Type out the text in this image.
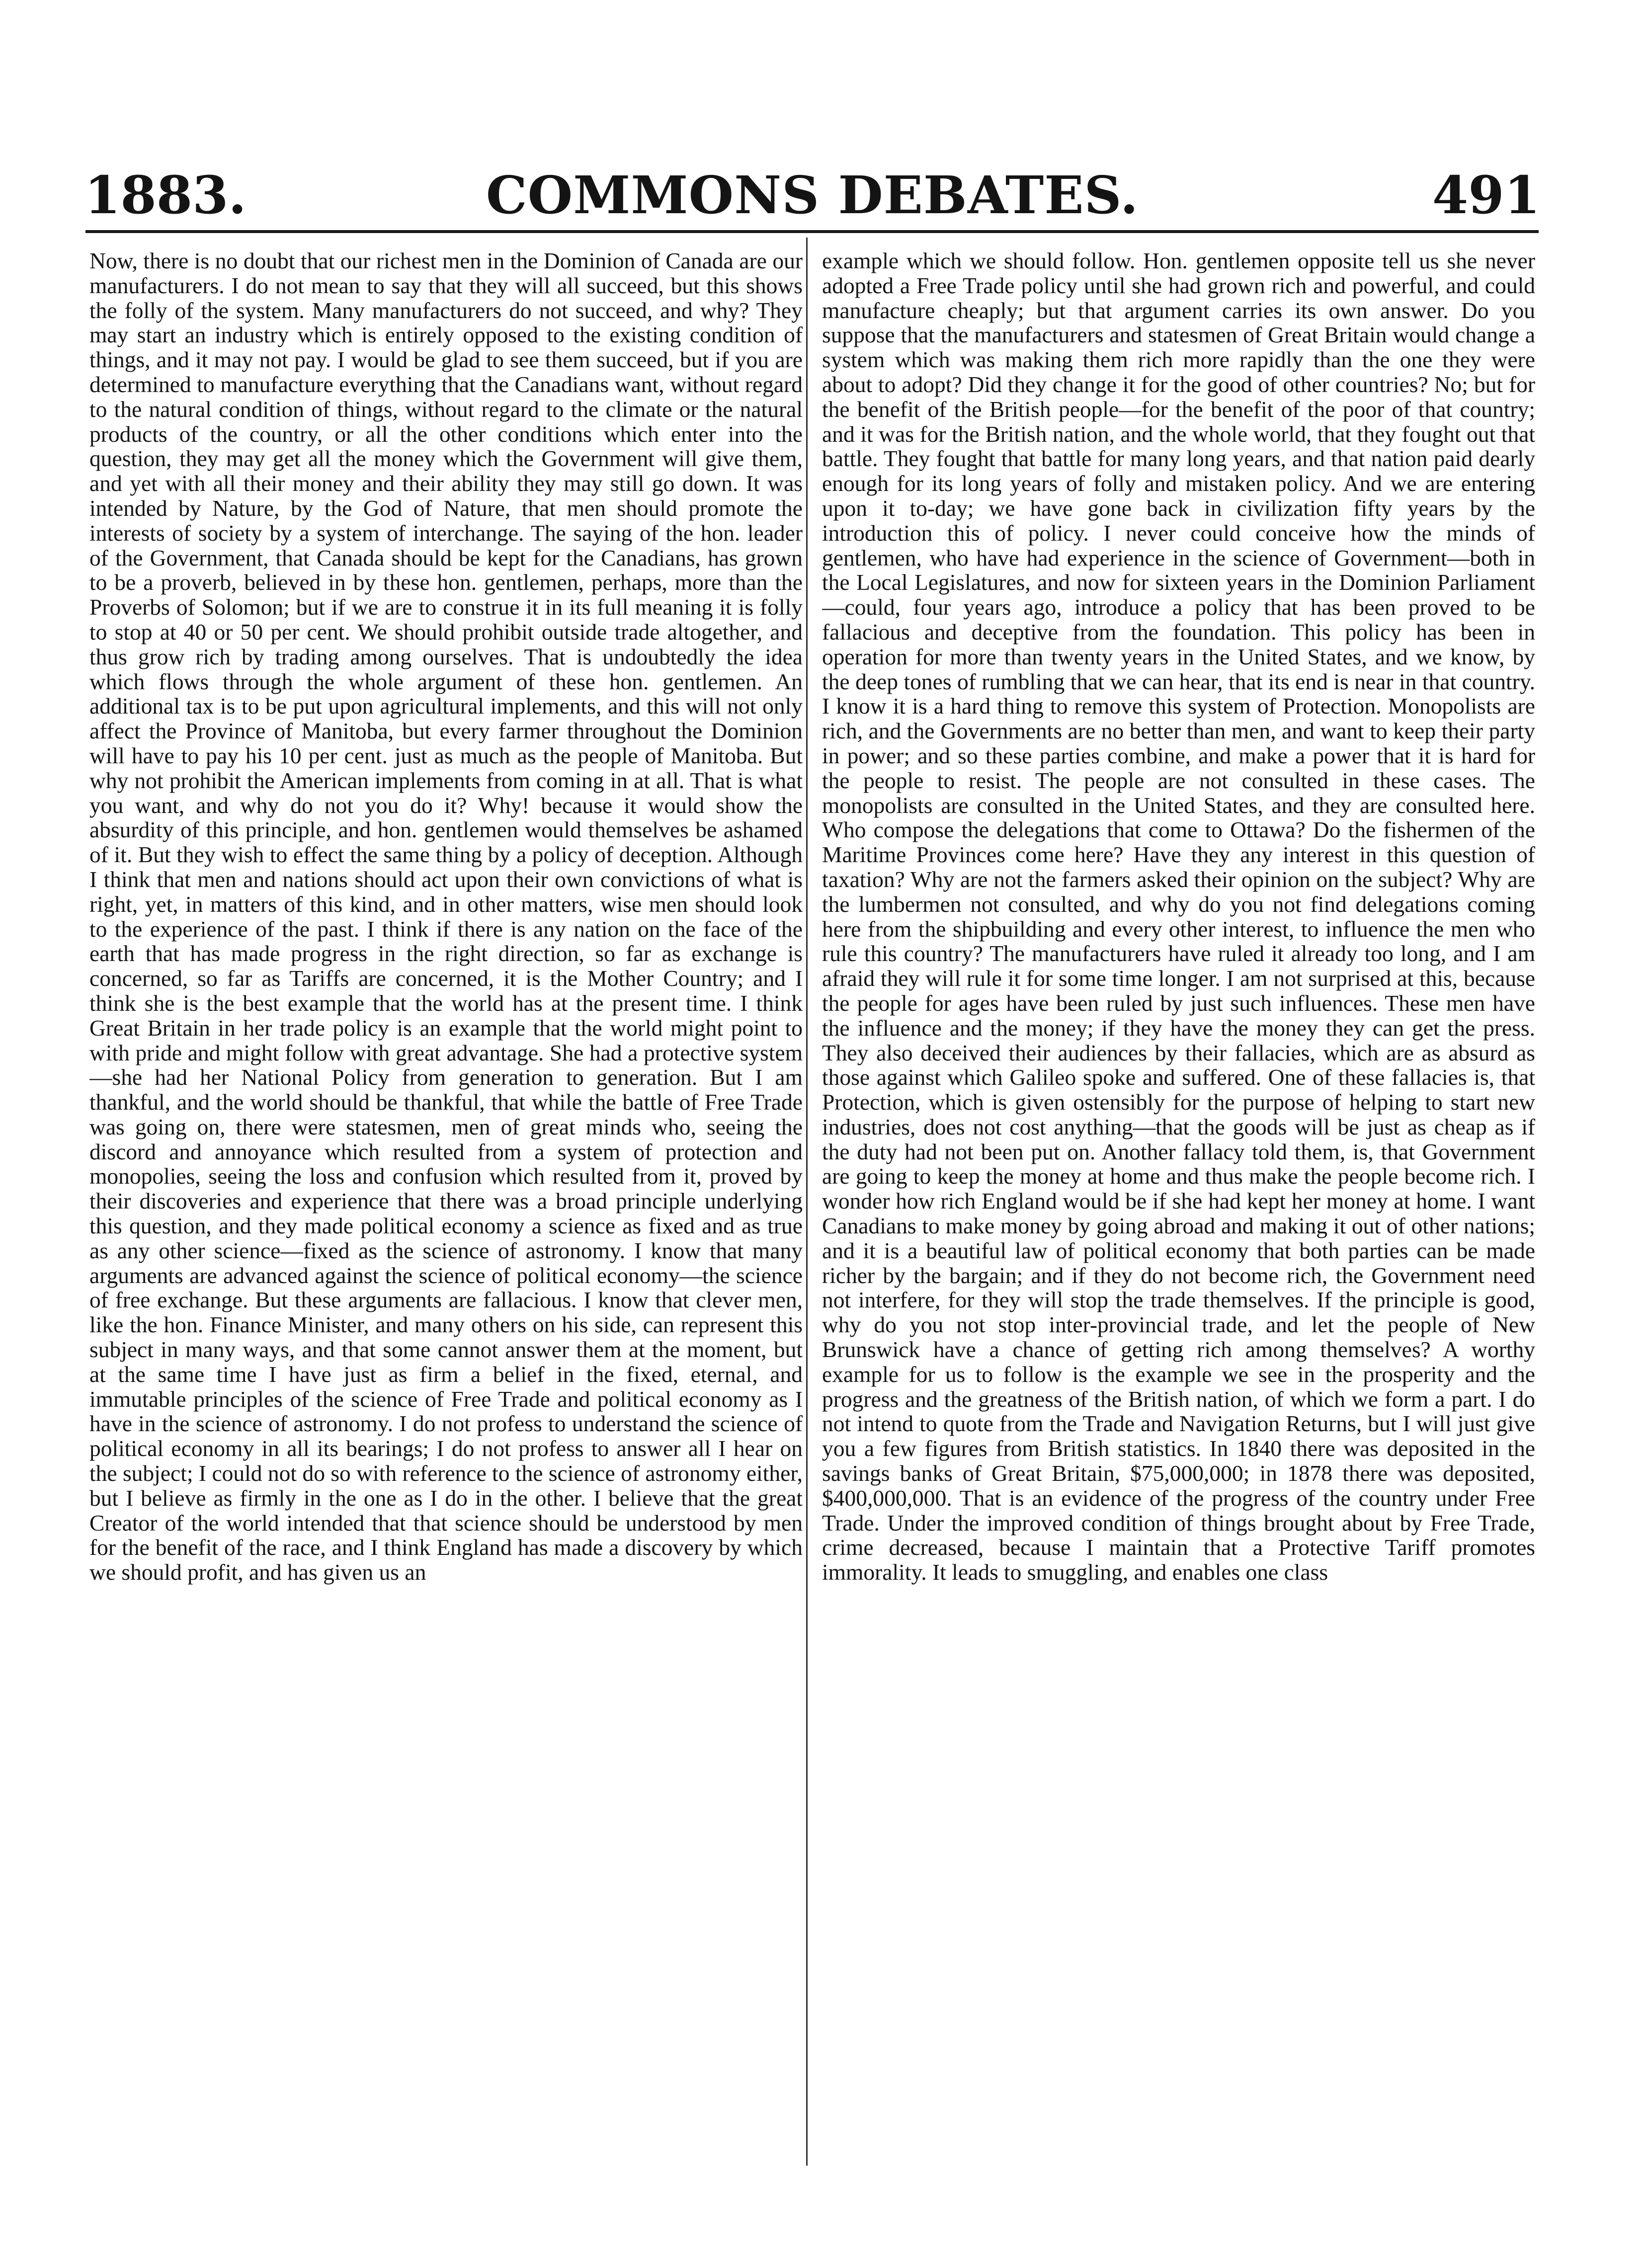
1883.	COMMONS DEBATES.	491

Now, there is no doubt that our richest men in the Dominion of Canada are our manufacturers. I do not mean to say that they will all succeed, but this shows the folly of the system. Many manufacturers do not succeed, and why? They may start an industry which is entirely opposed to the existing condition of things, and it may not pay. I would be glad to see them succeed, but if you are determined to manufacture everything that the Canadians want, without regard to the natural condition of things, without regard to the climate or the natural products of the country, or all the other conditions which enter into the question, they may get all the money which the Government will give them, and yet with all their money and their ability they may still go down. It was intended by Nature, by the God of Nature, that men should promote the interests of society by a system of interchange. The saying of the hon. leader of the Government, that Canada should be kept for the Canadians, has grown to be a proverb, believed in by these hon. gentlemen, perhaps, more than the Proverbs of Solomon; but if we are to construe it in its full meaning it is folly to stop at 40 or 50 per cent. We should prohibit outside trade altogether, and thus grow rich by trading among ourselves. That is undoubtedly the idea which flows through the whole argument of these hon. gentlemen. An additional tax is to be put upon agricultural implements, and this will not only affect the Province of Manitoba, but every farmer throughout the Dominion will have to pay his 10 per cent. just as much as the people of Manitoba. But why not prohibit the American implements from coming in at all. That is what you want, and why do not you do it? Why! because it would show the absurdity of this principle, and hon. gentlemen would themselves be ashamed of it. But they wish to effect the same thing by a policy of deception. Although I think that men and nations should act upon their own convictions of what is right, yet, in matters of this kind, and in other matters, wise men should look to the experience of the past. I think if there is any nation on the face of the earth that has made progress in the right direction, so far as exchange is concerned, so far as Tariffs are concerned, it is the Mother Country; and I think she is the best example that the world has at the present time. I think Great Britain in her trade policy is an example that the world might point to with pride and might follow with great advantage. She had a protective system—she had her National Policy from generation to generation. But I am thankful, and the world should be thankful, that while the battle of Free Trade was going on, there were statesmen, men of great minds who, seeing the discord and annoyance which resulted from a system of protection and monopolies, seeing the loss and confusion which resulted from it, proved by their discoveries and experience that there was a broad principle underlying this question, and they made political economy a science as fixed and as true as any other science—fixed as the science of astronomy. I know that many arguments are advanced against the science of political economy—the science of free exchange. But these arguments are fallacious. I know that clever men, like the hon. Finance Minister, and many others on his side, can represent this subject in many ways, and that some cannot answer them at the moment, but at the same time I have just as firm a belief in the fixed, eternal, and immutable principles of the science of Free Trade and political economy as I have in the science of astronomy. I do not profess to understand the science of political economy in all its bearings; I do not profess to answer all I hear on the subject; I could not do so with reference to the science of astronomy either, but I believe as firmly in the one as I do in the other. I believe that the great Creator of the world intended that that science should be understood by men for the benefit of the race, and I think England has made a discovery by which we should profit, and has given us an

example which we should follow. Hon. gentlemen opposite tell us she never adopted a Free Trade policy until she had grown rich and powerful, and could manufacture cheaply; but that argument carries its own answer. Do you suppose that the manufacturers and statesmen of Great Britain would change a system which was making them rich more rapidly than the one they were about to adopt? Did they change it for the good of other countries? No; but for the benefit of the British people—for the benefit of the poor of that country; and it was for the British nation, and the whole world, that they fought out that battle. They fought that battle for many long years, and that nation paid dearly enough for its long years of folly and mistaken policy. And we are entering upon it to-day; we have gone back in civilization fifty years by the introduction this of policy. I never could conceive how the minds of gentlemen, who have had experience in the science of Government—both in the Local Legislatures, and now for sixteen years in the Dominion Parliament—could, four years ago, introduce a policy that has been proved to be fallacious and deceptive from the foundation. This policy has been in operation for more than twenty years in the United States, and we know, by the deep tones of rumbling that we can hear, that its end is near in that country. I know it is a hard thing to remove this system of Protection. Monopolists are rich, and the Governments are no better than men, and want to keep their party in power; and so these parties combine, and make a power that it is hard for the people to resist. The people are not consulted in these cases. The monopolists are consulted in the United States, and they are consulted here. Who compose the delegations that come to Ottawa? Do the fishermen of the Maritime Provinces come here? Have they any interest in this question of taxation? Why are not the farmers asked their opinion on the subject? Why are the lumbermen not consulted, and why do you not find delegations coming here from the shipbuilding and every other interest, to influence the men who rule this country? The manufacturers have ruled it already too long, and I am afraid they will rule it for some time longer. I am not surprised at this, because the people for ages have been ruled by just such influences. These men have the influence and the money; if they have the money they can get the press. They also deceived their audiences by their fallacies, which are as absurd as those against which Galileo spoke and suffered. One of these fallacies is, that Protection, which is given ostensibly for the purpose of helping to start new industries, does not cost anything—that the goods will be just as cheap as if the duty had not been put on. Another fallacy told them, is, that Government are going to keep the money at home and thus make the people become rich. I wonder how rich England would be if she had kept her money at home. I want Canadians to make money by going abroad and making it out of other nations; and it is a beautiful law of political economy that both parties can be made richer by the bargain; and if they do not become rich, the Government need not interfere, for they will stop the trade themselves. If the principle is good, why do you not stop inter-provincial trade, and let the people of New Brunswick have a chance of getting rich among themselves? A worthy example for us to follow is the example we see in the prosperity and the progress and the greatness of the British nation, of which we form a part. I do not intend to quote from the Trade and Navigation Returns, but I will just give you a few figures from British statistics. In 1840 there was deposited in the savings banks of Great Britain, $75,000,000; in 1878 there was deposited, $400,000,000. That is an evidence of the progress of the country under Free Trade. Under the improved condition of things brought about by Free Trade, crime decreased, because I maintain that a Protective Tariff promotes immorality. It leads to smuggling, and enables one class
